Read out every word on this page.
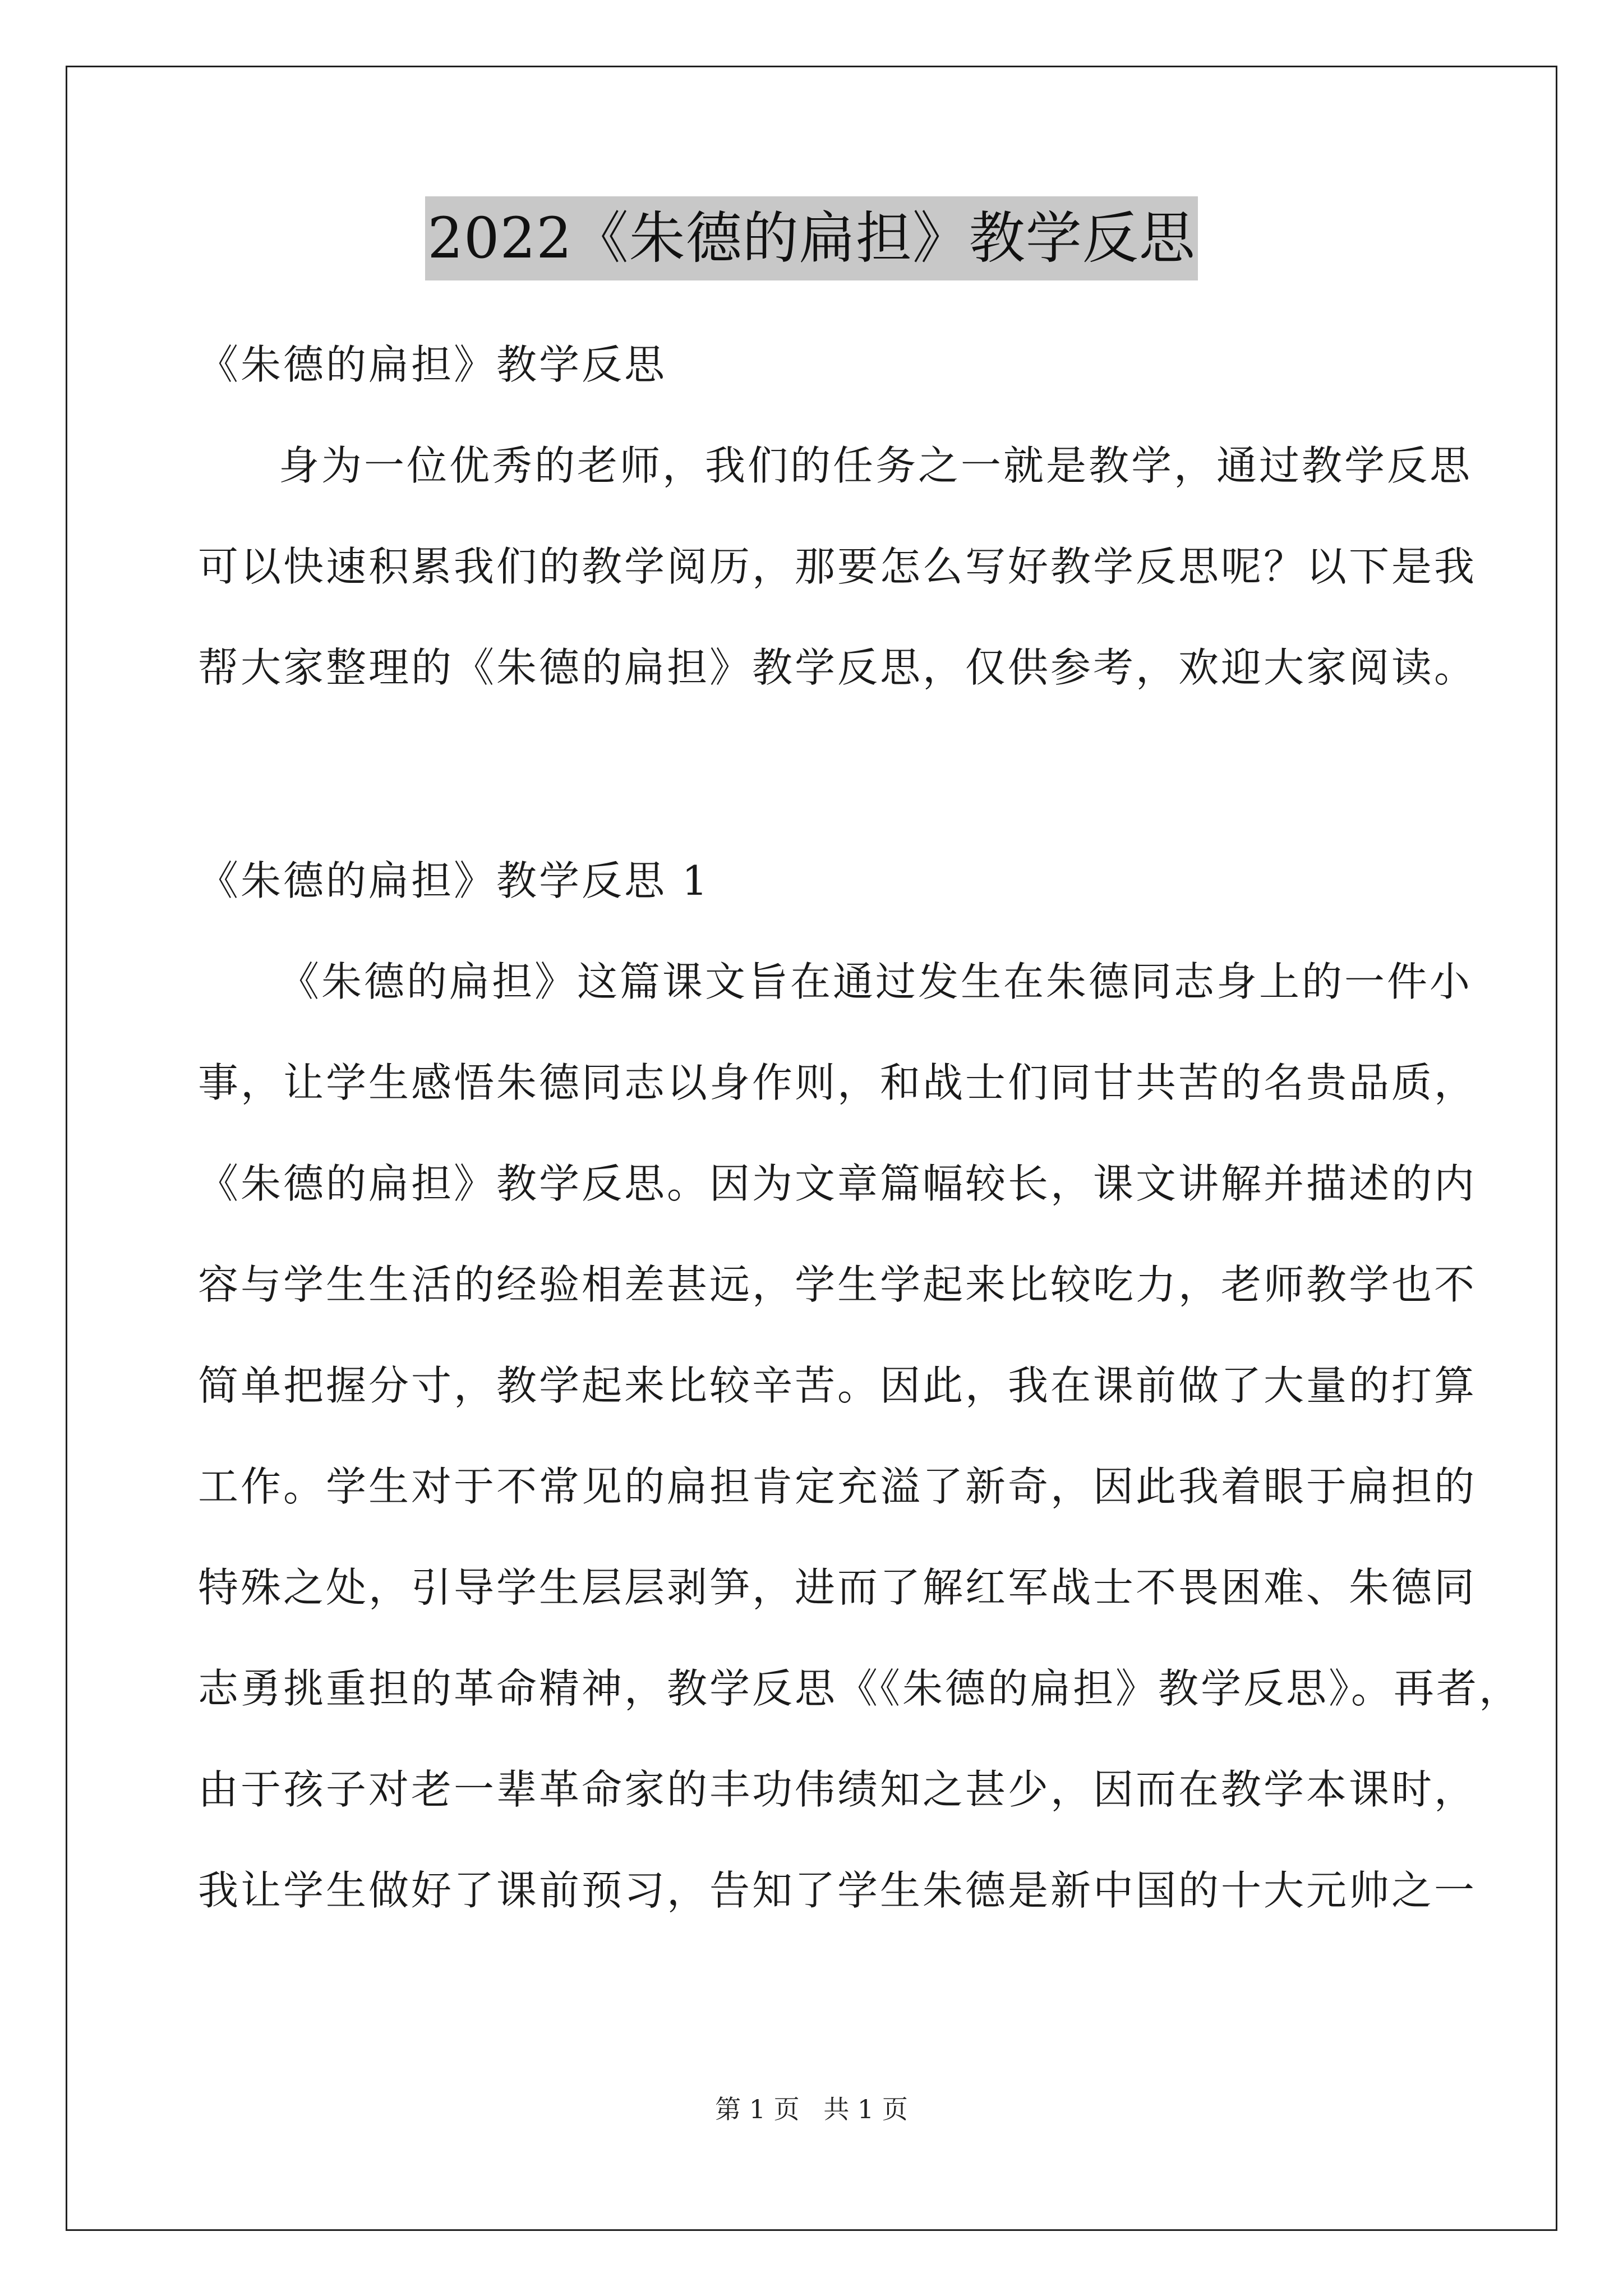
2022《朱德的扁担》教学反思
《朱德的扁担》教学反思
身为一位优秀的老师，我们的任务之一就是教学，通过教学反思
可以快速积累我们的教学阅历，那要怎么写好教学反思呢？以下是我
帮大家整理的《朱德的扁担》教学反思，仅供参考，欢迎大家阅读。
《朱德的扁担》教学反思 1
《朱德的扁担》这篇课文旨在通过发生在朱德同志身上的一件小
事，让学生感悟朱德同志以身作则，和战士们同甘共苦的名贵品质，
《朱德的扁担》教学反思。因为文章篇幅较长，课文讲解并描述的内
容与学生生活的经验相差甚远，学生学起来比较吃力，老师教学也不
简单把握分寸，教学起来比较辛苦。因此，我在课前做了大量的打算
工作。学生对于不常见的扁担肯定充溢了新奇，因此我着眼于扁担的
特殊之处，引导学生层层剥笋，进而了解红军战士不畏困难、朱德同
志勇挑重担的革命精神，教学反思《《朱德的扁担》教学反思》。再者，
由于孩子对老一辈革命家的丰功伟绩知之甚少，因而在教学本课时，
我让学生做好了课前预习，告知了学生朱德是新中国的十大元帅之一
第 1 页 共 1 页
